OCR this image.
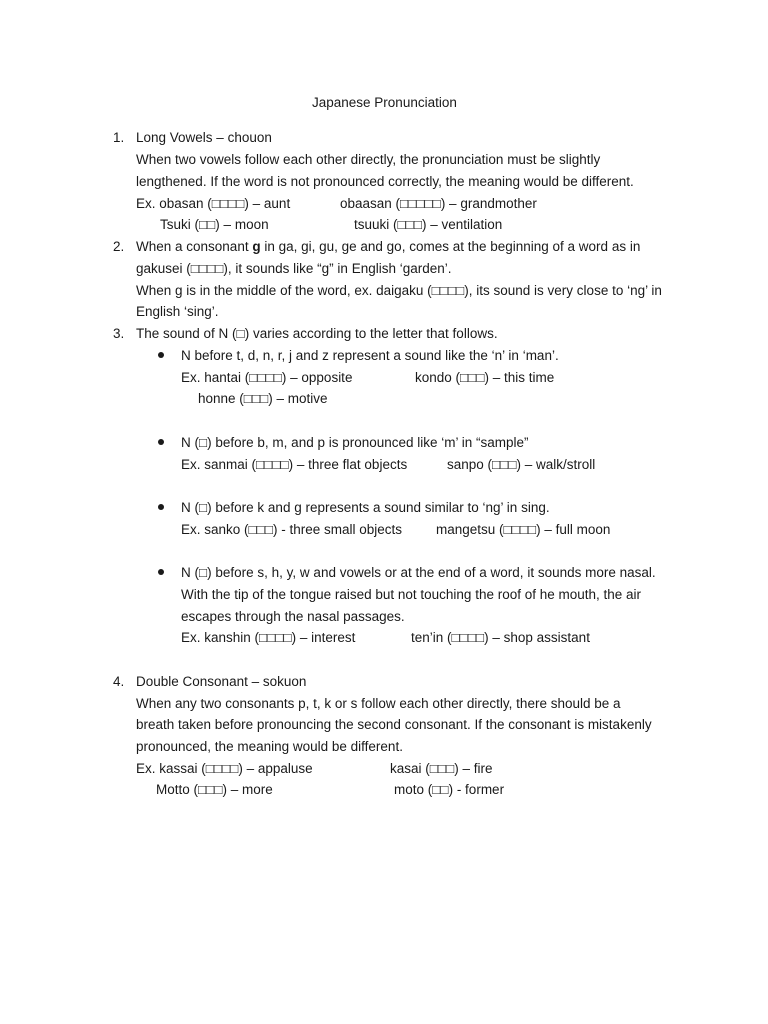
Japanese Pronunciation
1. Long Vowels – chouon
When two vowels follow each other directly, the pronunciation must be slightly
lengthened. If the word is not pronounced correctly, the meaning would be different.
Ex. obasan (□□□□) – aunt	obaasan (□□□□□) – grandmother
Tsuki (□□) – moon	tsuuki (□□□) – ventilation
2. When a consonant g in ga, gi, gu, ge and go, comes at the beginning of a word as in
gakusei (□□□□), it sounds like “g” in English ‘garden’.
When g is in the middle of the word, ex. daigaku (□□□□), its sound is very close to ‘ng’ in
English ‘sing’.
3. The sound of N (□) varies according to the letter that follows.
N before t, d, n, r, j and z represent a sound like the ‘n’ in ‘man’.
Ex. hantai (□□□□) – opposite	kondo (□□□) – this time
honne (□□□) – motive
N (□) before b, m, and p is pronounced like ‘m’ in “sample”
Ex. sanmai (□□□□) – three flat objects	sanpo (□□□) – walk/stroll
N (□) before k and g represents a sound similar to ‘ng’ in sing.
Ex. sanko (□□□) - three small objects	mangetsu (□□□□) – full moon
N (□) before s, h, y, w and vowels or at the end of a word, it sounds more nasal.
With the tip of the tongue raised but not touching the roof of he mouth, the air
escapes through the nasal passages.
Ex. kanshin (□□□□) – interest	ten’in (□□□□) – shop assistant
4. Double Consonant – sokuon
When any two consonants p, t, k or s follow each other directly, there should be a
breath taken before pronouncing the second consonant. If the consonant is mistakenly
pronounced, the meaning would be different.
Ex. kassai (□□□□) – appaluse	kasai (□□□) – fire
Motto (□□□) – more	moto (□□) - former
